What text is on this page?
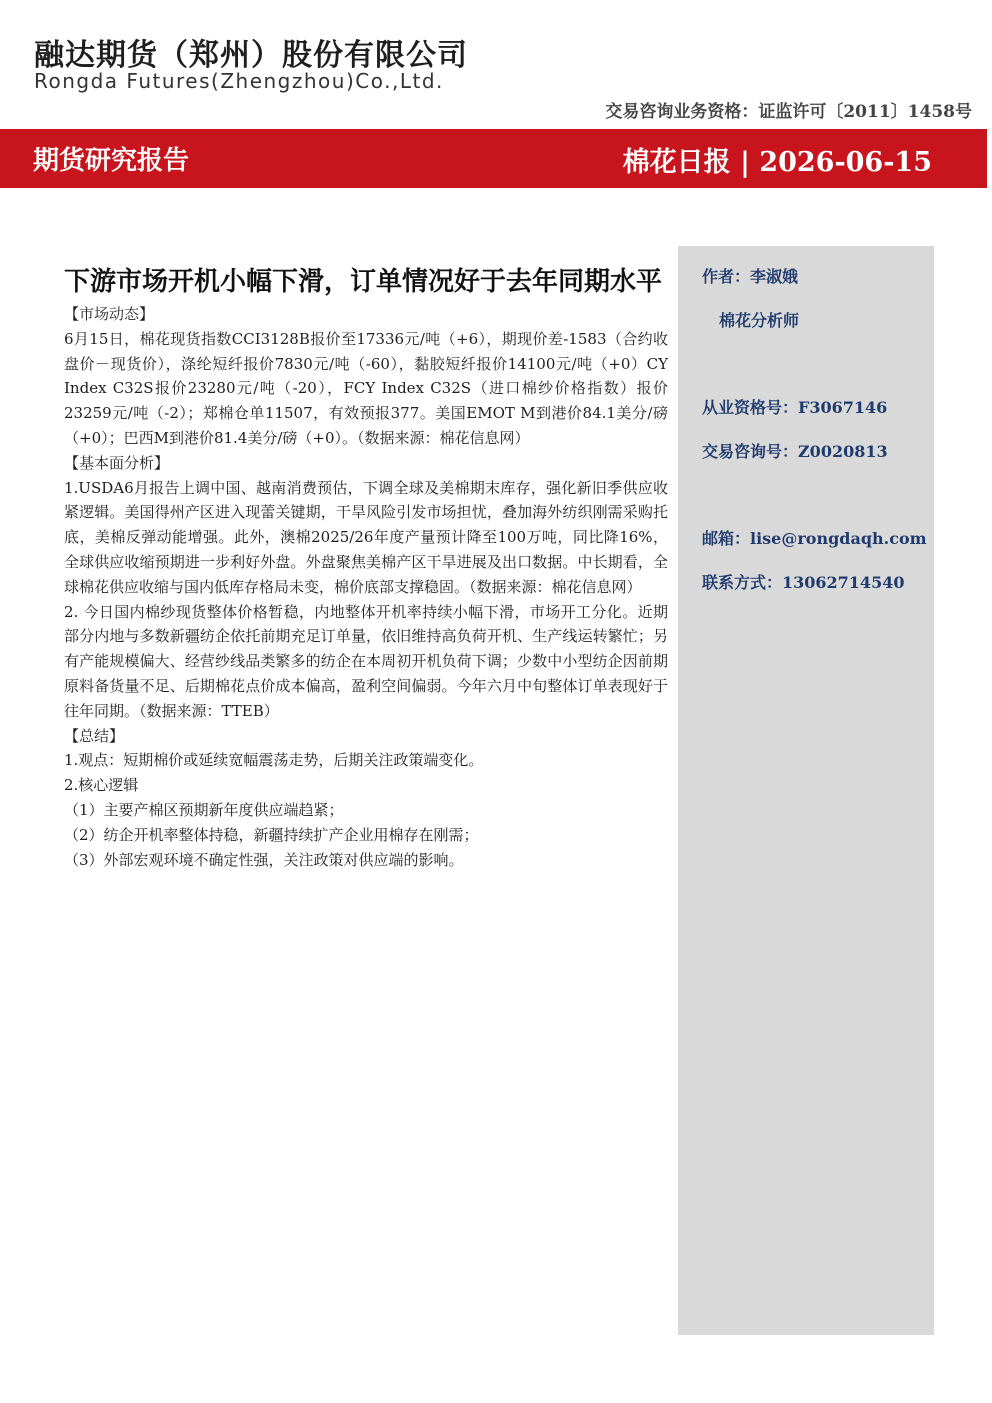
融达期货（郑州）股份有限公司
Rongda Futures(Zhengzhou)Co.,Ltd.
交易咨询业务资格：证监许可〔2011〕1458号
期货研究报告	棉花日报 | 2026-06-15
作者：李淑娥
棉花分析师
从业资格号：F3067146
交易咨询号：Z0020813
邮箱：lise@rongdaqh.com
联系方式：13062714540
下游市场开机小幅下滑，订单情况好于去年同期水平

【市场动态】

6月15日，棉花现货指数CCI3128B报价至17336元/吨（+6），期现价差-1583（合约收盘价－现货价），涤纶短纤报价7830元/吨（-60），黏胶短纤报价14100元/吨（+0）CY Index C32S报价23280元/吨（-20），FCY Index C32S（进口棉纱价格指数）报价23259元/吨（-2）；郑棉仓单11507，有效预报377。美国EMOT M到港价84.1美分/磅（+0）；巴西M到港价81.4美分/磅（+0）。（数据来源：棉花信息网）

【基本面分析】

1.USDA6月报告上调中国、越南消费预估，下调全球及美棉期末库存，强化新旧季供应收紧逻辑。美国得州产区进入现蕾关键期，干旱风险引发市场担忧，叠加海外纺织刚需采购托底，美棉反弹动能增强。此外，澳棉2025/26年度产量预计降至100万吨，同比降16%，全球供应收缩预期进一步利好外盘。外盘聚焦美棉产区干旱进展及出口数据。中长期看，全球棉花供应收缩与国内低库存格局未变，棉价底部支撑稳固。（数据来源：棉花信息网）

2. 今日国内棉纱现货整体价格暂稳，内地整体开机率持续小幅下滑，市场开工分化。近期部分内地与多数新疆纺企依托前期充足订单量，依旧维持高负荷开机、生产线运转繁忙；另有产能规模偏大、经营纱线品类繁多的纺企在本周初开机负荷下调；少数中小型纺企因前期原料备货量不足、后期棉花点价成本偏高，盈利空间偏弱。今年六月中旬整体订单表现好于往年同期。（数据来源：TTEB）

【总结】

1.观点：短期棉价或延续宽幅震荡走势，后期关注政策端变化。

2.核心逻辑

（1）主要产棉区预期新年度供应端趋紧；

（2）纺企开机率整体持稳，新疆持续扩产企业用棉存在刚需；

（3）外部宏观环境不确定性强，关注政策对供应端的影响。
